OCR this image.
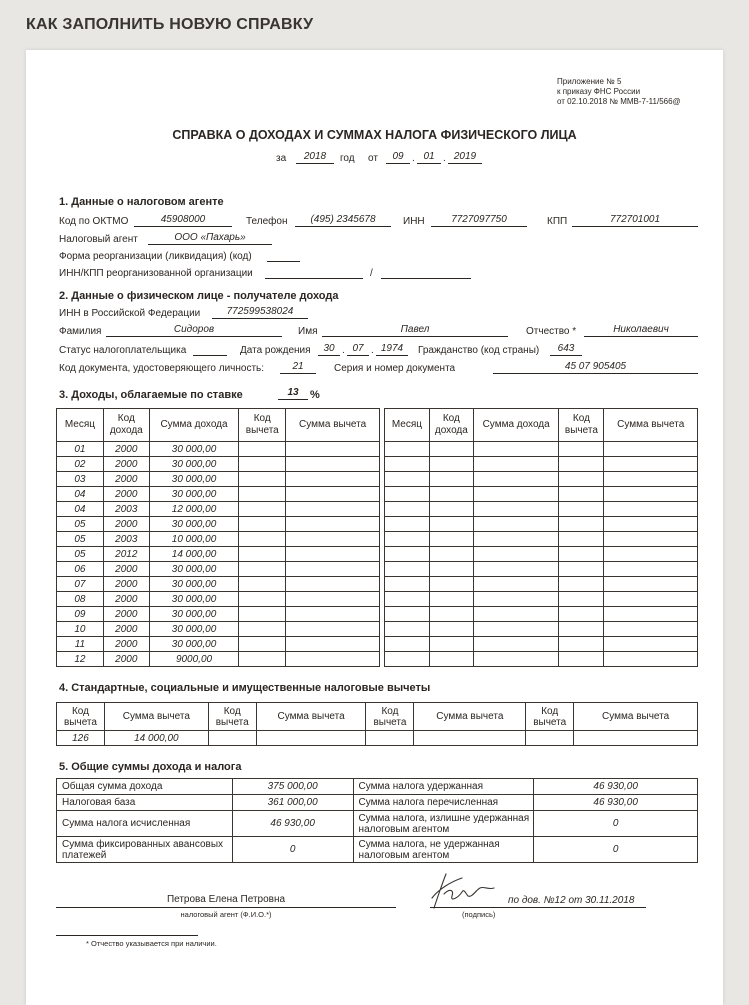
КАК ЗАПОЛНИТЬ НОВУЮ СПРАВКУ
Приложение № 5
к приказу ФНС России
от 02.10.2018 № ММВ-7-11/566@
СПРАВКА О ДОХОДАХ И СУММАХ НАЛОГА ФИЗИЧЕСКОГО ЛИЦА
за	2018	год от	09 . 01 . 2019
1. Данные о налоговом агенте
Код по ОКТМО	45908000	Телефон	(495) 2345678	ИНН	7727097750	КПП	772701001
Налоговый агент	ООО «Пахарь»
Форма реорганизации (ликвидация) (код)
ИНН/КПП реорганизованной организации	/
2. Данные о физическом лице - получателе дохода
ИНН в Российской Федерации	772599538024
Фамилия	Сидоров	Имя	Павел	Отчество *	Николаевич
Статус налогоплательщика	Дата рождения	30 . 07 . 1974	Гражданство (код страны)	643
Код документа, удостоверяющего личность:	21	Серия и номер документа	45 07 905405
3. Доходы, облагаемые по ставке	13	%
Месяц	Код дохода	Сумма дохода	Код вычета	Сумма вычета
01	2000	30 000,00		
02	2000	30 000,00		
03	2000	30 000,00		
04	2000	30 000,00		
04	2003	12 000,00		
05	2000	30 000,00		
05	2003	10 000,00		
05	2012	14 000,00		
06	2000	30 000,00		
07	2000	30 000,00		
08	2000	30 000,00		
09	2000	30 000,00		
10	2000	30 000,00		
11	2000	30 000,00		
12	2000	9000,00		
Месяц	Код дохода	Сумма дохода	Код вычета	Сумма вычета

4. Стандартные, социальные и имущественные налоговые вычеты
Код вычета	Сумма вычета	Код вычета	Сумма вычета	Код вычета	Сумма вычета	Код вычета	Сумма вычета
126	14 000,00						
5. Общие суммы дохода и налога
Общая сумма дохода	375 000,00	Сумма налога удержанная	46 930,00
Налоговая база	361 000,00	Сумма налога перечисленная	46 930,00
Сумма налога исчисленная	46 930,00	Сумма налога, излишне удержанная налоговым агентом	0
Сумма фиксированных авансовых платежей	0	Сумма налога, не удержанная налоговым агентом	0
Петрова Елена Петровна
налоговый агент (Ф.И.О.*)
по дов. №12 от 30.11.2018
(подпись)
* Отчество указывается при наличии.
